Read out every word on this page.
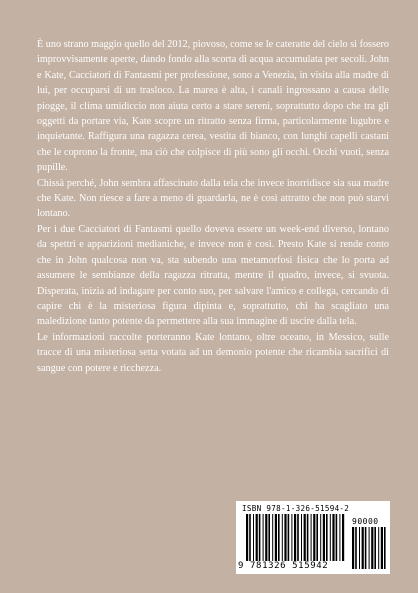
È uno strano maggio quello del 2012, piovoso, come se le cateratte del cielo si fossero improvvisamente aperte, dando fondo alla scorta di acqua accumulata per secoli. John e Kate, Cacciatori di Fantasmi per professione, sono a Venezia, in visita alla madre di lui, per occuparsi di un trasloco. La marea è alta, i canali ingrossano a causa delle piogge, il clima umidiccio non aiuta certo a stare sereni, soprattutto dopo che tra gli oggetti da portare via, Kate scopre un ritratto senza firma, particolarmente lugubre e inquietante. Raffigura una ragazza cerea, vestita di bianco, con lunghi capelli castani che le coprono la fronte, ma ciò che colpisce di più sono gli occhi. Occhi vuoti, senza pupille.

Chissà perché, John sembra affascinato dalla tela che invece inorridisce sia sua madre che Kate. Non riesce a fare a meno di guardarla, ne è così attratto che non può starvi lontano.

Per i due Cacciatori di Fantasmi quello doveva essere un week-end diverso, lontano da spettri e apparizioni medianiche, e invece non è così. Presto Kate si rende conto che in John qualcosa non va, sta subendo una metamorfosi fisica che lo porta ad assumere le sembianze della ragazza ritratta, mentre il quadro, invece, si svuota. Disperata, inizia ad indagare per conto suo, per salvare l'amico e collega, cercando di capire chi è la misteriosa figura dipinta e, soprattutto, chi ha scagliato una maledizione tanto potente da permettere alla sua immagine di uscire dalla tela.

Le informazioni raccolte porteranno Kate lontano, oltre oceano, in Messico, sulle tracce di una misteriosa setta votata ad un demonio potente che ricambia sacrifici di sangue con potere e ricchezza.

ISBN 978-1-326-51594-2
90000
9 781326 515942
